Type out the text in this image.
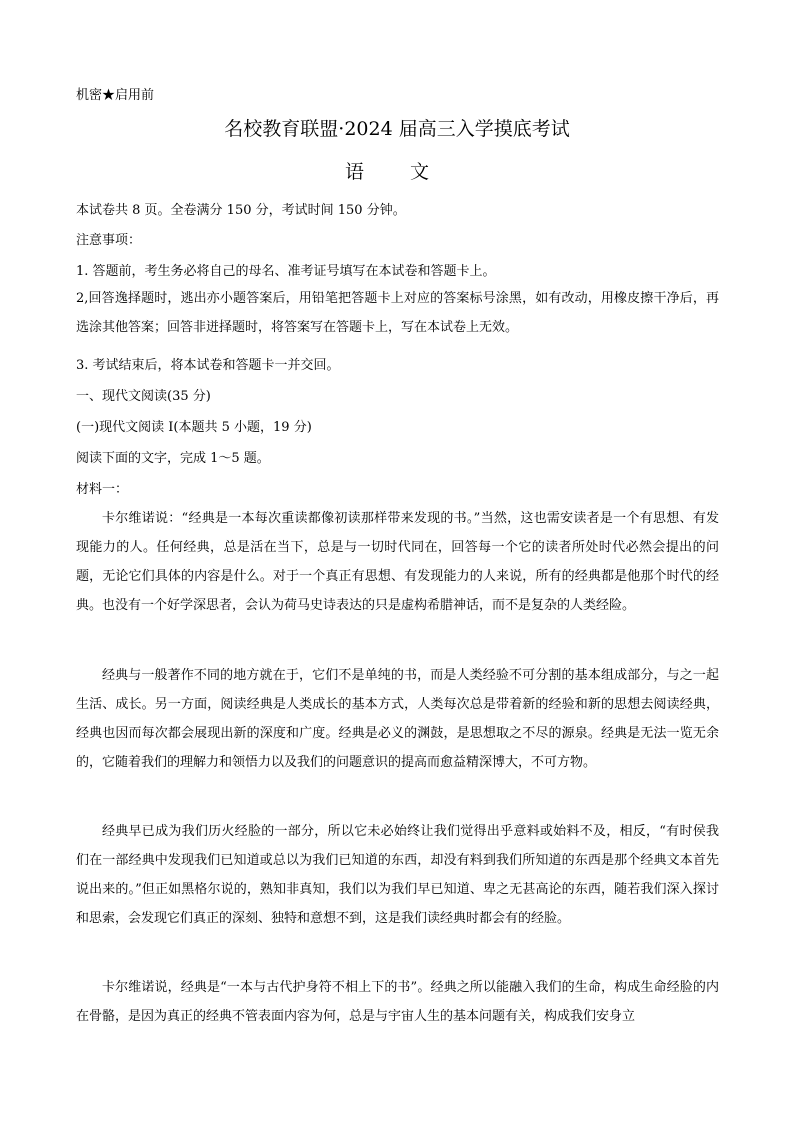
机密★启用前
名校教育联盟·2024 届高三入学摸底考试
语 文
本试卷共 8 页。全卷满分 150 分，考试时间 150 分钟。
注意事项：
1. 答题前，考生务必将自己的母名、准考证号填写在本试卷和答题卡上。

2,回答逸择题时，逃出亦小题答案后，用铅笔把答题卡上对应的答案标号涂黑，如有改动，用橡皮擦干净后，再选涂其他答案；回答非迸择题时，将答案写在答题卡上，写在本试卷上无效。

3. 考试结束后，将本试卷和答题卡一并交回。
一、现代文阅读(35 分)
(一)现代文阅读 I(本题共 5 小题，19 分)
阅读下面的文字，完成 1～5 题。
材料一：

卡尔维诺说：“经典是一本每次重读都像初读那样带来发现的书。”当然，这也需安读者是一个有思想、有发现能力的人。任何经典，总是活在当下，总是与一切时代同在，回答每一个它的读者所处时代必然会提出的问题，无论它们具体的内容是什么。对于一个真正有思想、有发现能力的人来说，所有的经典都是他那个时代的经典。也没有一个好学深思者，会认为荷马史诗表达的只是虚构希腊神话，而不是复杂的人类经险。

经典与一般著作不同的地方就在于，它们不是单纯的书，而是人类经验不可分割的基本组成部分，与之一起生活、成长。另一方面，阅读经典是人类成长的基本方式，人类每次总是带着新的经验和新的思想去阅读经典，经典也因而每次都会展现出新的深度和广度。经典是必义的渊鼓，是思想取之不尽的源泉。经典是无法一览无余的，它随着我们的理解力和领悟力以及我们的问题意识的提高而愈益精深博大，不可方物。

经典早已成为我们历火经脸的一部分，所以它未必始终让我们觉得出乎意料或始料不及，相反，“有时侯我们在一部经典中发现我们已知道或总以为我们已知道的东西，却没有料到我们所知道的东西是那个经典文本首先说出来的。”但正如黑格尔说的，熟知非真知，我们以为我们早已知道、卑之无甚高论的东西，随若我们深入探讨和思索，会发现它们真正的深刻、独特和意想不到，这是我们读经典时都会有的经脸。

卡尔维诺说，经典是“一本与古代护身符不相上下的书”。经典之所以能融入我们的生命，构成生命经脸的内在骨骼，是因为真正的经典不管表面内容为何，总是与宇宙人生的基本问题有关，构成我们安身立
